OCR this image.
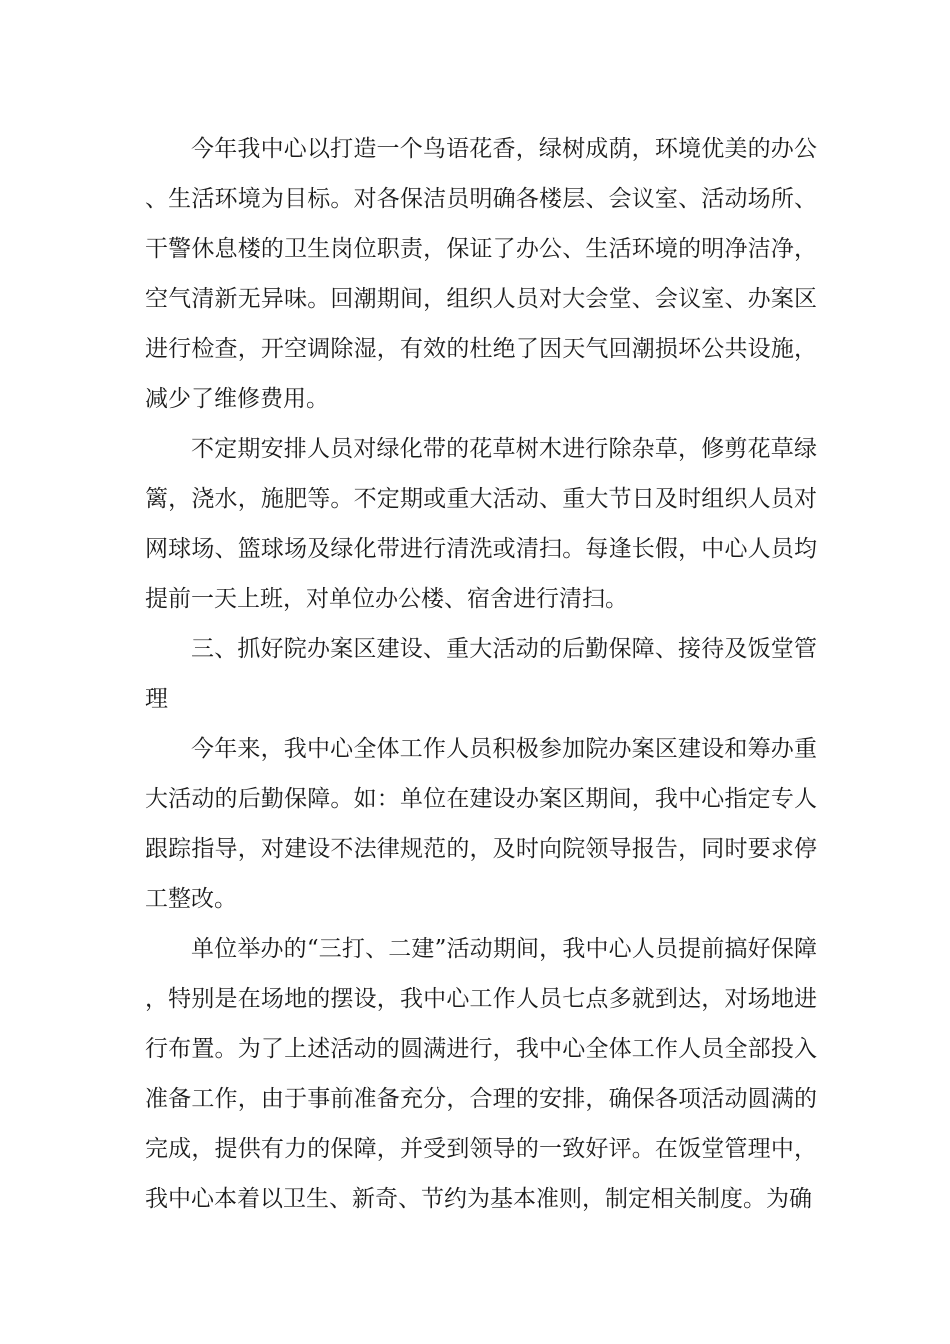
今年我中心以打造一个鸟语花香，绿树成荫，环境优美的办公、生活环境为目标。对各保洁员明确各楼层、会议室、活动场所、干警休息楼的卫生岗位职责，保证了办公、生活环境的明净洁净，空气清新无异味。回潮期间，组织人员对大会堂、会议室、办案区进行检查，开空调除湿，有效的杜绝了因天气回潮损坏公共设施，减少了维修费用。

不定期安排人员对绿化带的花草树木进行除杂草，修剪花草绿篱，浇水，施肥等。不定期或重大活动、重大节日及时组织人员对网球场、篮球场及绿化带进行清洗或清扫。每逢长假，中心人员均提前一天上班，对单位办公楼、宿舍进行清扫。

三、抓好院办案区建设、重大活动的后勤保障、接待及饭堂管理

今年来，我中心全体工作人员积极参加院办案区建设和筹办重大活动的后勤保障。如：单位在建设办案区期间，我中心指定专人跟踪指导，对建设不法律规范的，及时向院领导报告，同时要求停工整改。

单位举办的“三打、二建”活动期间，我中心人员提前搞好保障，特别是在场地的摆设，我中心工作人员七点多就到达，对场地进行布置。为了上述活动的圆满进行，我中心全体工作人员全部投入准备工作，由于事前准备充分，合理的安排，确保各项活动圆满的完成，提供有力的保障，并受到领导的一致好评。在饭堂管理中，我中心本着以卫生、新奇、节约为基本准则，制定相关制度。为确
